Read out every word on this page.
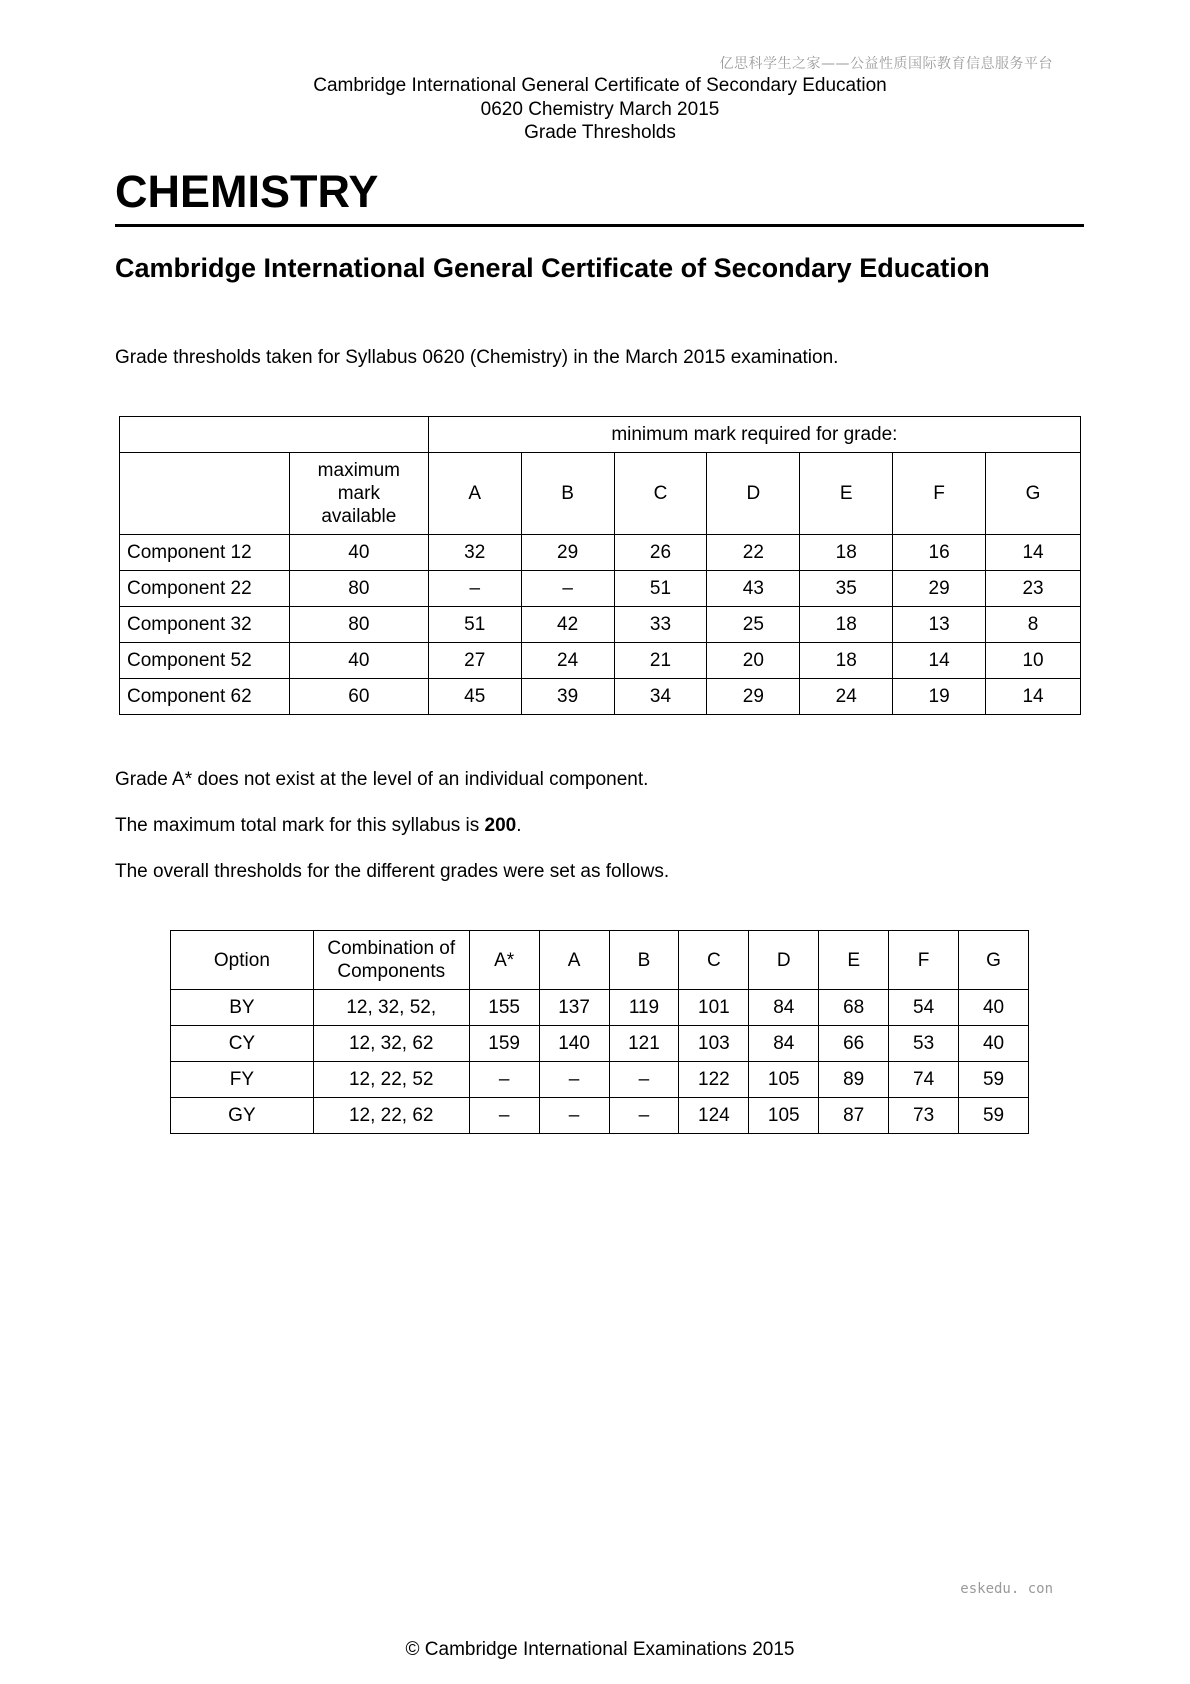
亿思科学生之家——公益性质国际教育信息服务平台
Cambridge International General Certificate of Secondary Education
0620 Chemistry March 2015
Grade Thresholds
CHEMISTRY
Cambridge International General Certificate of Secondary Education
Grade thresholds taken for Syllabus 0620 (Chemistry) in the March 2015 examination.
		minimum mark required for grade:						

	maximum
mark
available	A	B	C	D	E	F	G
Component 12	40	32	29	26	22	18	16	14
Component 22	80	–	–	51	43	35	29	23
Component 32	80	51	42	33	25	18	13	8
Component 52	40	27	24	21	20	18	14	10
Component 62	60	45	39	34	29	24	19	14
Grade A* does not exist at the level of an individual component.
The maximum total mark for this syllabus is 200.
The overall thresholds for the different grades were set as follows.
Option	Combination of
Components	A*	A	B	C	D	E	F	G
BY	12, 32, 52,	155	137	119	101	84	68	54	40
CY	12, 32, 62	159	140	121	103	84	66	53	40
FY	12, 22, 52	–	–	–	122	105	89	74	59
GY	12, 22, 62	–	–	–	124	105	87	73	59
eskedu. con
© Cambridge International Examinations 2015
